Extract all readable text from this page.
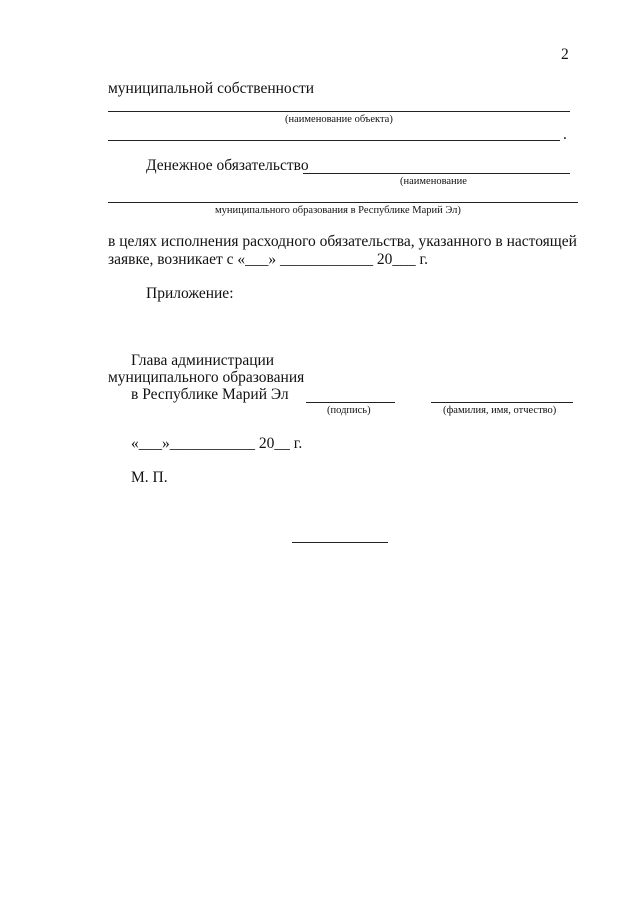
2
муниципальной собственности
(наименование объекта)
.
Денежное обязательство
(наименование
муниципального образования в Республике Марий Эл)
в целях исполнения расходного обязательства, указанного в настоящей
заявке, возникает с «___» ____________ 20___ г.
Приложение:
Глава администрации
муниципального образования
в Республике Марий Эл
(подпись)	(фамилия, имя, отчество)
«___»___________ 20__ г.
М. П.
